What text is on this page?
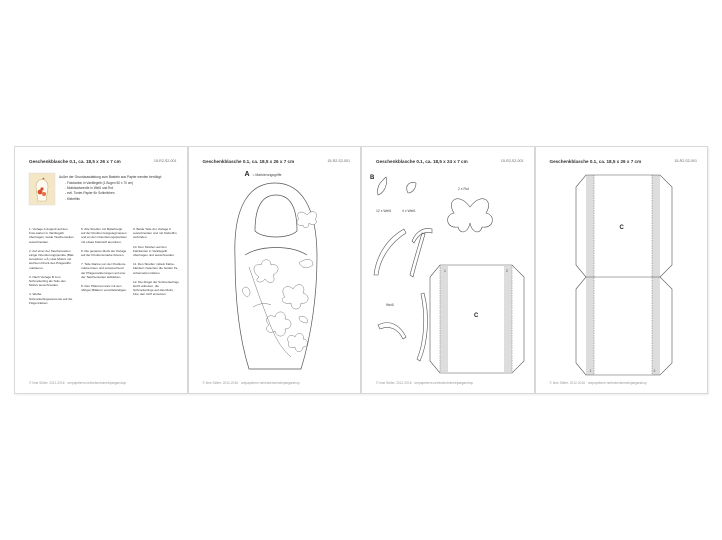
Geschenkblasche 0.1, ca. 18,5 x 26 x 7 cm	15-R2-S2-001
Außer der Grundausstattung zum Basteln aus Papier werden benötigt:
- Fotokarton in Vanillegelb (1 Bogen 50 x 70 cm)
- Motivkartonrolle in Weiß und Rot
- evtl. Tonier-Papier für Schleifchen
- Klebefilm

1. Vorlage A doppelt auf den Foto-karton in Vanillegelb übertragen, beide Taschenseiten ausschneiden.

2. Auf einer der Taschenseiten einige Orientierungspunkte (Blat-tenspitzen u.Ä.) das Motivs mit leichtem Druck des Prägestifts markieren.

3. Nach Vorlage B zum Schmetterling als Teile des Motivs ausschneiden.

4. Weiße Schmetterlingselemente auf die Flügel kleben.

5. Alle Streifen mit Malerkrepp auf der Position festgelegt lassen und an den Orientierungspunkten mit etwas Klebstoff anordnen.

6. Die gesamte Motiv als Vorlage auf der Positionsmarke fixieren.

7. Teile Danke von der Positions-marke lösen und entsprechend der Prägemarkierungen auf eine der Taschenseiten aufkleben.

8. Den Pflanzenmotiv mit den übrigen Blättern vervollständigen.

9. Beide Teile der Vorlage C ausschneiden und mit Klebefilm verbinden.

10. Den Streifen auf den Falzkanten in Vanillegelb übertragen und ausschneiden.

11. Den Streifen mittels Klebe-bändern zwischen die beiden Ta-schenseiten kleben.

12. Die Flügel der Schmetterlinge leicht anheben, die Schmetterlinge auf das Motiv, bzw. den Griff einsetzen.

© Ilme Stöfer, 2012-2016 · orepapeterm.net/eckenkrimelnjaegarshop
Geschenkblasche 0.1, ca. 18,5 x 26 x 7 cm	15-R2-S2-001
A = Markierungsgriffe
© Ilme Stöfer, 2012-2016 · orepapeterm.net/eckenkrimelnjaegarshop
Geschenkblasche 0.1, ca. 18,5 x 24 x 7 cm	15-R2-S2-001
B
12 x Weiß	4 x Weiß
2 x Rot
Weiß
C
1	2
© Ilme Stöfer, 2012-2016 · orepapeterm.net/eckenkrimelnjaegarshop
Geschenkblasche 0.1, ca. 18,5 x 26 x 7 cm	15-R2-S2-001
C
1	2
© Ilme Stöfer, 2012-2016 · orepapeterm.net/eckenkrimelnjaegarshop
